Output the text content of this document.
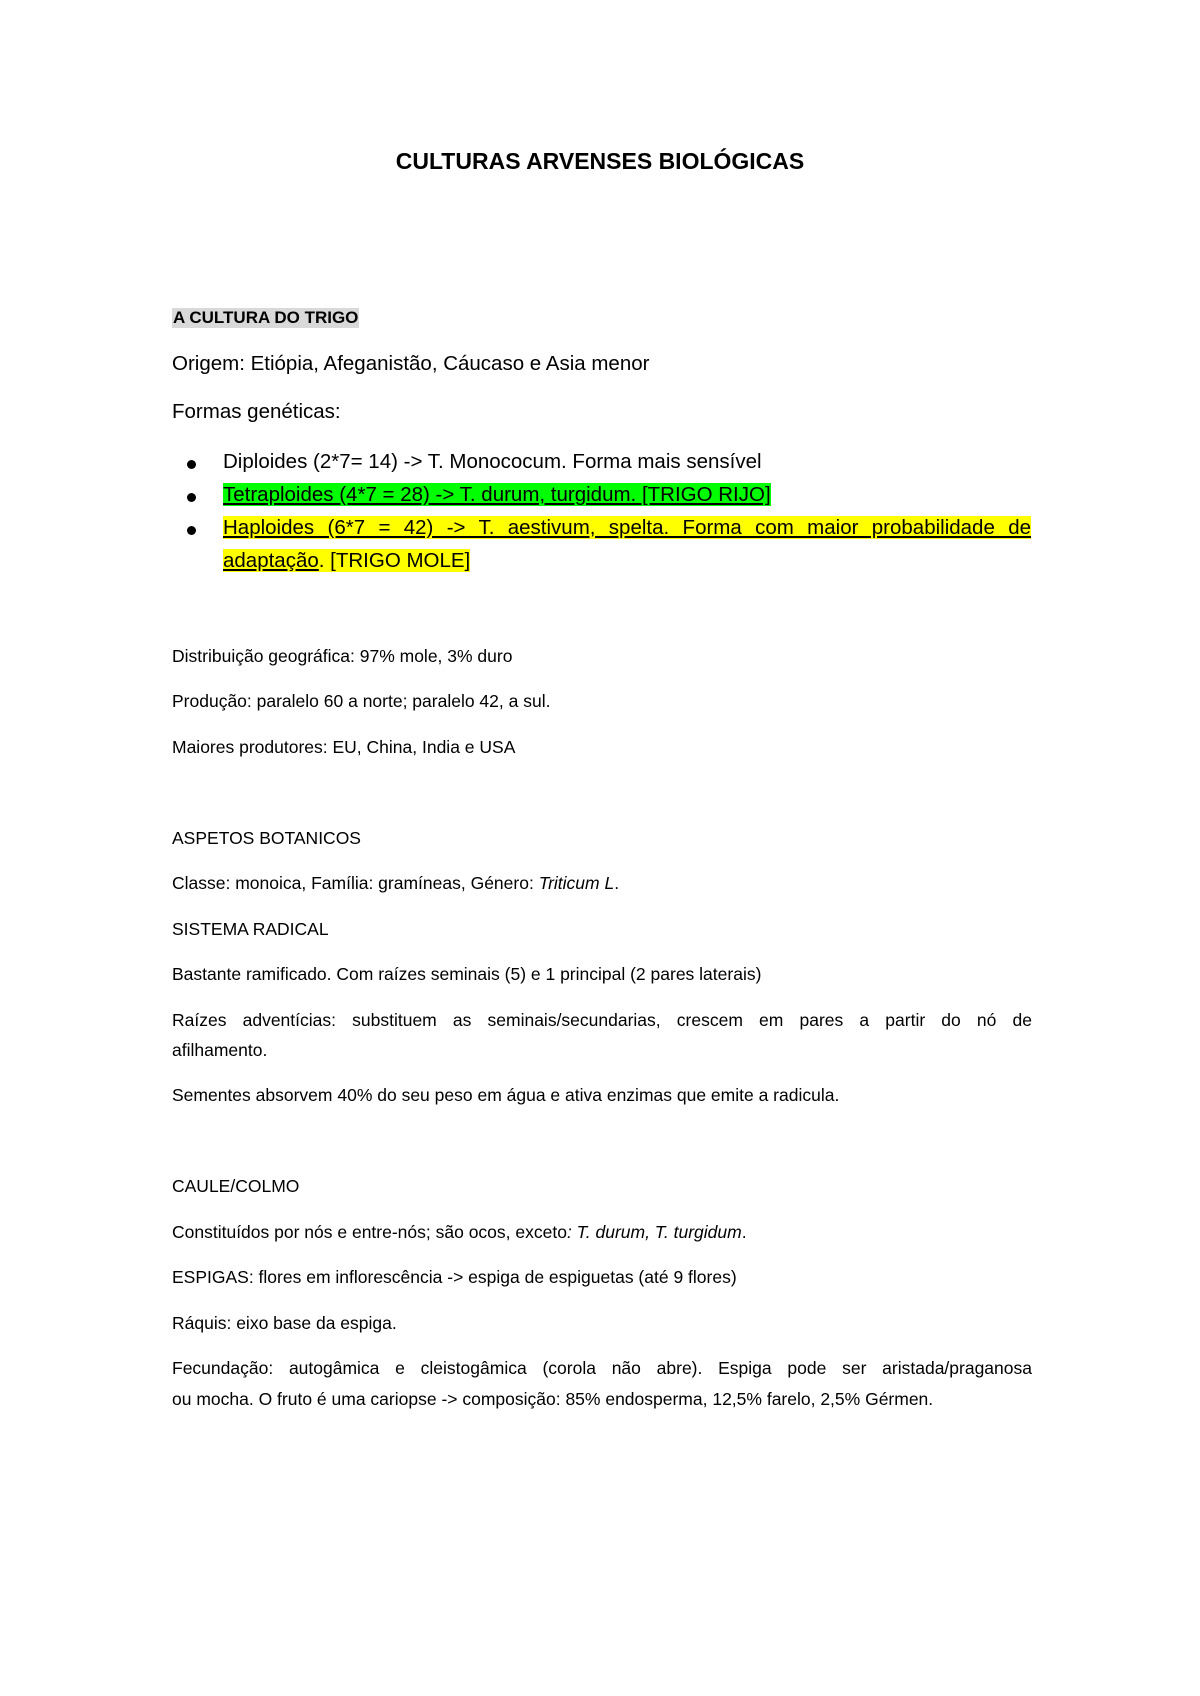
CULTURAS ARVENSES BIOLÓGICAS
A CULTURA DO TRIGO
Origem: Etiópia, Afeganistão, Cáucaso e Asia menor
Formas genéticas:
Diploides (2*7= 14) -> T. Monococum. Forma mais sensível
Tetraploides (4*7 = 28) -> T. durum, turgidum. [TRIGO RIJO]
Haploides (6*7 = 42) -> T. aestivum, spelta. Forma com maior probabilidade de
adaptação. [TRIGO MOLE]
Distribuição geográfica: 97% mole, 3% duro
Produção: paralelo 60 a norte; paralelo 42, a sul.
Maiores produtores: EU, China, India e USA
ASPETOS BOTANICOS
Classe: monoica, Família: gramíneas, Género: Triticum L.
SISTEMA RADICAL
Bastante ramificado. Com raízes seminais (5) e 1 principal (2 pares laterais)
Raízes adventícias: substituem as seminais/secundarias, crescem em pares a partir do nó de
afilhamento.
Sementes absorvem 40% do seu peso em água e ativa enzimas que emite a radicula.
CAULE/COLMO
Constituídos por nós e entre-nós; são ocos, exceto: T. durum, T. turgidum.
ESPIGAS: flores em inflorescência -> espiga de espiguetas (até 9 flores)
Ráquis: eixo base da espiga.
Fecundação: autogâmica e cleistogâmica (corola não abre). Espiga pode ser aristada/praganosa
ou mocha. O fruto é uma cariopse -> composição: 85% endosperma, 12,5% farelo, 2,5% Gérmen.
